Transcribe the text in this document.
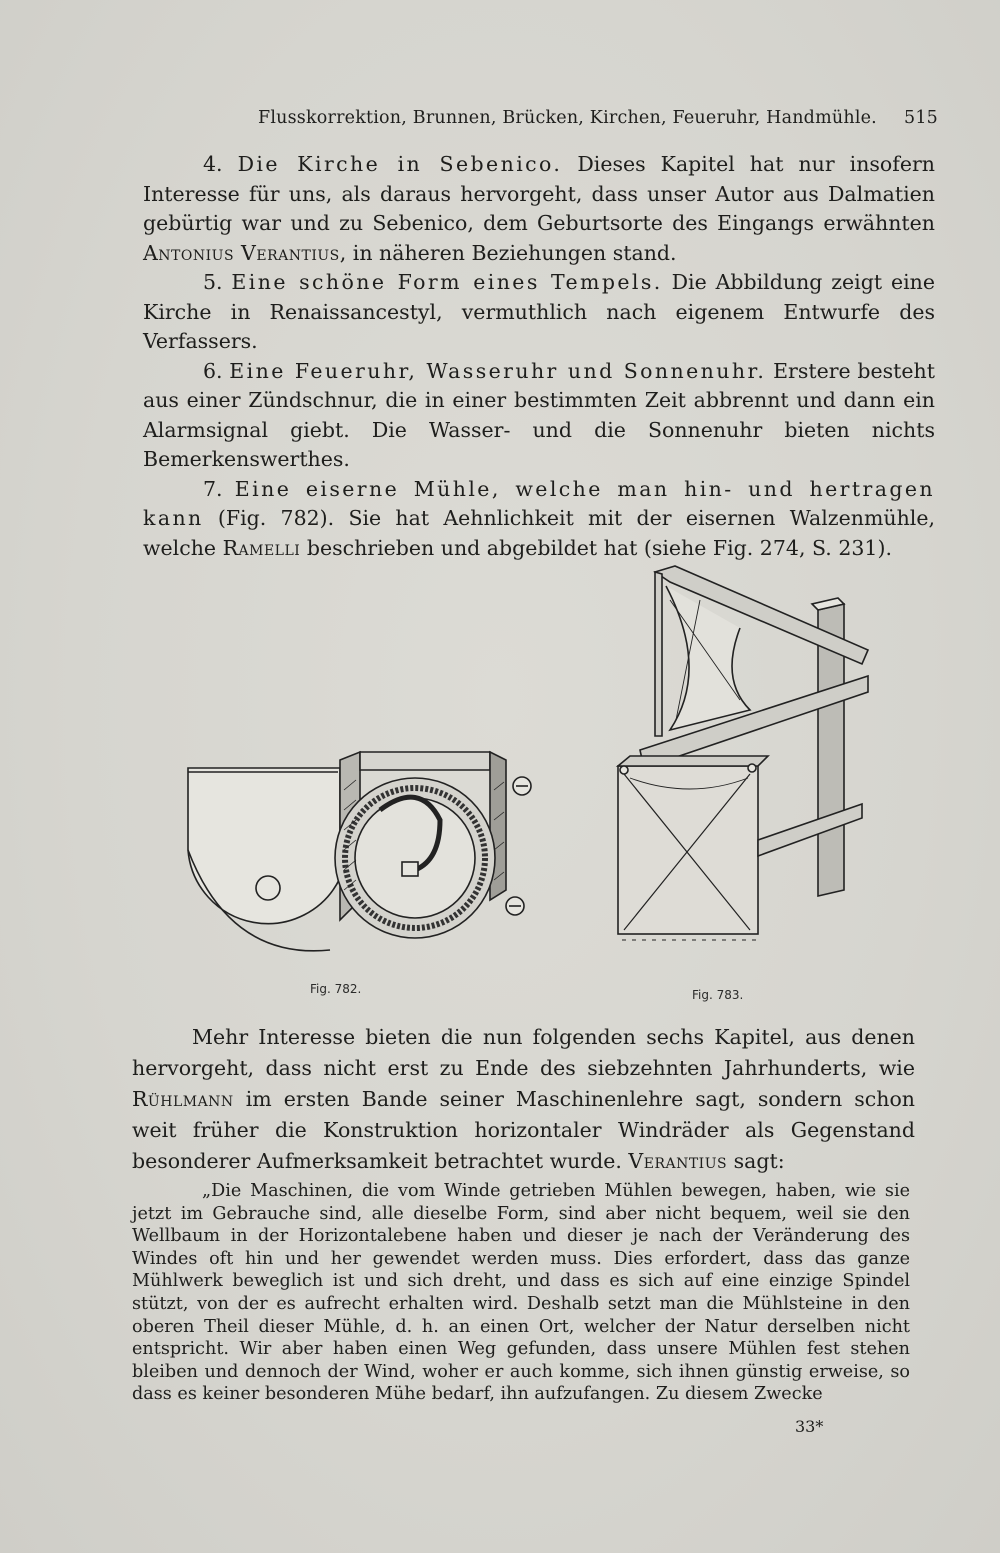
Flusskorrektion, Brunnen, Brücken, Kirchen, Feueruhr, Handmühle. 515

4. Die Kirche in Sebenico. Dieses Kapitel hat nur insofern Interesse für uns, als daraus hervorgeht, dass unser Autor aus Dalmatien gebürtig war und zu Sebenico, dem Geburtsorte des Eingangs erwähnten Antonius Verantius, in näheren Beziehungen stand.

5. Eine schöne Form eines Tempels. Die Abbildung zeigt eine Kirche in Renaissancestyl, vermuthlich nach eigenem Entwurfe des Verfassers.

6. Eine Feueruhr, Wasseruhr und Sonnenuhr. Erstere besteht aus einer Zündschnur, die in einer bestimmten Zeit abbrennt und dann ein Alarmsignal giebt. Die Wasser- und die Sonnenuhr bieten nichts Bemerkenswerthes.

7. Eine eiserne Mühle, welche man hin- und hertragen kann (Fig. 782). Sie hat Aehnlichkeit mit der eisernen Walzenmühle, welche Ramelli beschrieben und abgebildet hat (siehe Fig. 274, S. 231).

Fig. 782.	Fig. 783.

Mehr Interesse bieten die nun folgenden sechs Kapitel, aus denen hervorgeht, dass nicht erst zu Ende des siebzehnten Jahrhunderts, wie Rühlmann im ersten Bande seiner Maschinenlehre sagt, sondern schon weit früher die Konstruktion horizontaler Windräder als Gegenstand besonderer Aufmerksamkeit betrachtet wurde. Verantius sagt:

„Die Maschinen, die vom Winde getrieben Mühlen bewegen, haben, wie sie jetzt im Gebrauche sind, alle dieselbe Form, sind aber nicht bequem, weil sie den Wellbaum in der Horizontalebene haben und dieser je nach der Veränderung des Windes oft hin und her gewendet werden muss. Dies erfordert, dass das ganze Mühlwerk beweglich ist und sich dreht, und dass es sich auf eine einzige Spindel stützt, von der es aufrecht erhalten wird. Deshalb setzt man die Mühlsteine in den oberen Theil dieser Mühle, d. h. an einen Ort, welcher der Natur derselben nicht entspricht. Wir aber haben einen Weg gefunden, dass unsere Mühlen fest stehen bleiben und dennoch der Wind, woher er auch komme, sich ihnen günstig erweise, so dass es keiner besonderen Mühe bedarf, ihn aufzufangen. Zu diesem Zwecke

33*
